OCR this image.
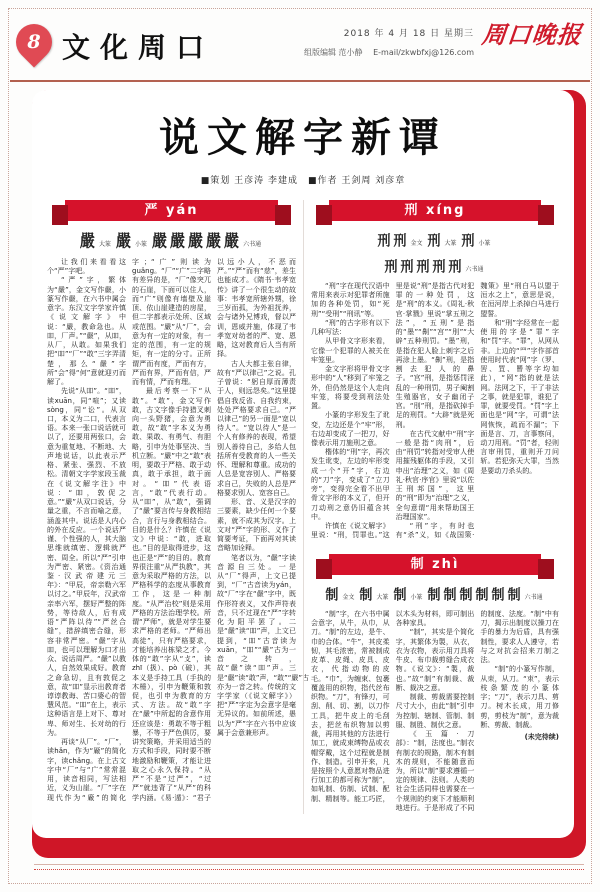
8 文化周口	2018 年 4 月 18 日 星期三
组版编辑 范小静 E-mail/zkwbfxj@126.com
周口晚报
说文解字新谭
■策划 王彦涛 李建成　■作者 王剑周 刘彦章
严 yán
嚴 大篆 嚴 小篆 嚴 嚴 嚴 嚴 嚴 六书通

让我们来看看这个“严”字吧。

“严”字，繁体为“嚴”，金文写作嚴，小篆写作嚴，在六书中属会意字。东汉文字学家许慎《说文解字》中说：“嚴，教命急也。从吅，厂声。”“嚴”，从吅，从厂，从敢。如果我们把“吅”“厂”“敢”三字弄清楚，那么“嚴”字所“会”得“何”意就迎刃而解了。

先说“从吅”。“吅”，读xuān，同“喧”；又读sòng，同“讼”。从双口，本义为二口，代表言语。本来一张口说话就可以了，还要用两张口，会意为重复地、不断地、大声地说话，以此表示严格、紧张、强烈、不放松。清朝文字学家段玉裁在《说文解字注》中说：“吅，敦促之意。”“嚴”从双口说话，分量之重，不言而喻之意，涵盖其中。说话是人内心的外在反应。一个说话严谨、个性强的人，其大脑思维就缜密、逻辑就严密、周全。所以“严”引申为严密、紧密。《资治通鉴·汉武帝建元三年》：“甲辰，帝亲勒六军以讨之。”甲辰年，汉武帝亲率六军，摆好严整的阵势，等待敌人，后有成语“严阵以待”“严丝合缝”，措辞缜密合缝，形容非常严密。“嚴”字从吅，也可以理解为口才出众、说话周严。“嚴”以教人，自然效果成好。教育之命急切，且有敦促之意，故“吅”显示出教育者谆谆教诲、苦口婆心的智慧风范。“吅”在上，表示这种语言是上对下、尊对卑、师对生、长对幼的行为。

再谈“从厂”。“厂”，读hǎn，作为“厰”的简化字，读chǎng。在上古文字中“厂”与“广”常常混用，读音相同，写法相近，义为山崖。“厂”字在现代作为“廠”的简化字；“广”则读为guǎng。“厂”“广”二字略有差异的是，“厂”像突兀的石崖，下面可以住人，而“广”则像有墙壁及崖顶、依山崖建造的房屋，但二字都表示处所、区域或范围。“嚴”从“厂”，会意为有一定的对象，有一定的范围，有一定的规矩，有一定的分寸。正所谓严而有度，严而有方，严而有界，严而有信，严而有情，严而有理。

最后考察一下“从敢”。“敢”，金文写作敢，古文字像手持猎叉刺向一头野猪，会意为勇敢，故“敢”字本义为勇敢、果敢、有勇气、有胆略，引申为处事坚决、当机立断。“嚴”中之“敢”表明，要敢于严格、敢于动真，敢于承担，敢于面对。“吅”代表语言，“敢”代表行动。从“吅”，从“敢”，强调了“嚴”要言传与身教相结合，言行与身教相结合。目的是什么？许慎在《说文》中说：“敢，进取也。”目的是取得进步，这也正是“严”的目的。教育界很注重“从严执教”，其意为采取严格的方法，以严格科学的态度从事教育工作，这是一种制度。“从严治校”则是采用严格的方法治理学校。所谓“严师”，就是对学生要求严格的老师。“严师出高徒”，只有严格要求，才能培养出栋梁之才。今体的“敢”字从“攴”，读zhī（扱）、pò（破），其本义是手持工具（手执的木棰），引申为鞭策和敦促，也引申为教育的方式、方法。故“敢”字在“嚴”中所起的含意作用还应该是：勇敢不等于粗暴，不等于严色俱厉，要讲究策略，并采用适当的方式和手段，同时要不断地激励和鞭策，才能让进取之心永久保持。“从严”不是“过严”，“过严”就违背了“从严”的科学内涵。《易·遁》：“君子以远小人，不恶而严。”“严”而有“慈”，差生也能成才。《隋书·韦孝宽传》讲了一个很生动的故事：韦孝宽所辖外甥，徐三岁而孤，为外祖抚养，会与诸外兄博戏，督以严训，恩威并施，体现了韦孝宽对幼者的严、宽、恩略，这对教育后人当有所择。

古人大都主张自律，故有“严以律己”之说。孔子曾说：“躬自厚而薄责于人，则远怨矣。”这里提倡自我反省、自我约束，处处严格要求自己。“严以律己”的另一面是“宽以待人”。“宽以待人”是一个人有修养的表现，希望别人善待自己，多给人包括所有受教育的人一些关怀、理解和尊重。成功的人总是宽容别人、严格要求自己，失败的人总是严格要求别人、宽容自己。

形、音、义是汉字的三要素，缺少任何一个要素，就不成其为汉字。上文对“严”字的形、义作了简要考证，下面再对其读音略加诠释。

笔者以为，“嚴”字读音源自三处。一是从“厂”得声，上文已提到，“厂”古音读为yán，故“厂”字在“嚴”字中，既作形符表义，又作声符表音，只不过现在“严”字转化为阳平罢了。二是“嚴”读“吅”声，上文已提到，“吅”古音读为xuān，“吅”“嚴”古为一音之转，故“嚴”读“吅”声。三是“嚴”读“敢”声，“敢”“嚴”古亦为一音之转。传统的文字学家（《说文解字》）把“严”字定为会意字是毫无异议的。如前所述，愚以为“严”字在六书中应该属于会意兼形声。

刑 xíng
刑 刑 金文 刑 大篆 刑 小篆
刑 刑 刑 刑 刑 六书通

“刑”字在现代汉语中常用来表示对犯罪者所施加的各种处罚，如“死刑”“受刑”“刑讯”等。

“刑”的古字形有以下几种写法：

从甲骨文字形来看，它像一个犯罪的人被关在牢笼里。

金文字形将甲骨文字形中的“人”移到了牢笼之外，但仍然是这个人走向牢笼，将要受到刑法处置。

小篆的字形发生了讹变，左边还是个“牢”形，右边却变成了一把刀，好像表示用刀施刑之意。

楷体的“刑”字，再次发生讹变，左边的牢形变成一个“开”字，右边的“刀”字，变成了“立刀旁”，变得完全看不出甲骨文字形的本义了，但开刀动刑之意仍旧蕴含其中。

许慎在《说文解字》里说：“刑，罚罪也。”这里是说“刑”是指古代对犯罪的一种处罚，这是“刑”的本义。《周礼·秋官·掌戮》里说“掌五刑之法”，“五刑”是指的“墨”“劓”“宫”“刖”“大辟”五种刑罚。“墨”刑，是指在犯人脸上刺字之后再涂上墨。“劓”刑，是指割去犯人的鼻子。“宫”刑，是指惩罚淫乱的一种刑罚，男子阉割生殖器官，女子幽闭子宫。“刖”刑，是指砍掉手足的刑罚。“大辟”就是死刑。

在古代文献中“刑”字一般是指“肉刑”，后由“刑罚”转指对受审人使用摧残躯体的手段，又引申出“治理”之义，如《周礼·秋官·序官》里说“以佐王刑邦国”，这里的“刑”即为“治理”之义，全句意谓“用来帮助国王治理国家”。

“刑”字，有时也有“杀”义，如《战国策·魏策》里“刑白马以盟于洹水之上”，意思是说，在洹河岸上杀掉白马进行盟誓。

和“刑”字经常在一起使用的字是“罪”字和“罚”字。“罪”，从网从非。上边的“罒”字作部首使用时代表“网”字（罗、罟、罝、罾等字均如此），“网”指的就是法网。法网之下，干了非法之事，就是犯罪，谁犯了罪，就要受罚。“罚”字上面也是“网”字，可谓“法网恢恢，疏而不漏”；下面是言、刀，言事察问，动刀用刑。“罚”者，轻则言审刑罚，重则开刀问斩。若犯弥天大罪，当然是要动刀杀头的。

制 zhì
制 金文 制 大篆 制 小篆 制 制 制 制 制 制 六书通

“制”字，在六书中属会意字，从牛，从巾，从刀。“制”的左边，是牛、巾的合体。“牛”，其皮柔韧，其毛浓密，常被制成皮革、皮绳、皮具、皮衣，代指动物的皮毛。“巾”，为缠束、包裹覆盖用的织物，指代丝布织物。“刀”，有锋刃，可刮、削、切、割，以刀作工具，把牛皮上的毛刮去，把丝布织物加以剪裁，再用其他的方法进行加工，就成束缚物品或衣帽穿戴，这个过程就是制作、制造。引申开来，凡是按照个人意愿对物品进行加工的都可称为“制”，如轧制、仿制、试制、配制、精制等。能工巧匠，以木头为材料，即可制出各种家具。

“制”，其实是个简化字，其繁体为製，从衣，衣为衣物，表示用刀具将牛皮、布巾裁剪缝合成衣物。《说文》：“製，裁也。”故“制”有制裁、裁断、裁决之意。

制裁、剪裁需要控制尺寸大小，由此“制”引申为控制、辖制、管制、制服、制胜、制伏之意。

《玉篇·刀部》：“制，法度也。”制衣有制衣的规路，制木有制木的规则，不能随意而为，所以“制”要求遵循一定的规律、法则。人类的社会生活同样也需要在一个规则的约束下才能顺利地进行。于是形成了不同的制度、法度。“制”中有刀，揭示出制度以操刀在手的暴力为后盾，具有强制性，要求人人遵守，若与之对抗会招来刀制之法。

“制”的小篆写作制，从朿，从刀。“朿”，表示枝条繁茂的小篆体字；“刀”，表示刀具、剪刀。树木长成，用刀修剪，剪枝为“制”，意为裁断、剪裁、制裁。

(未完待续)
